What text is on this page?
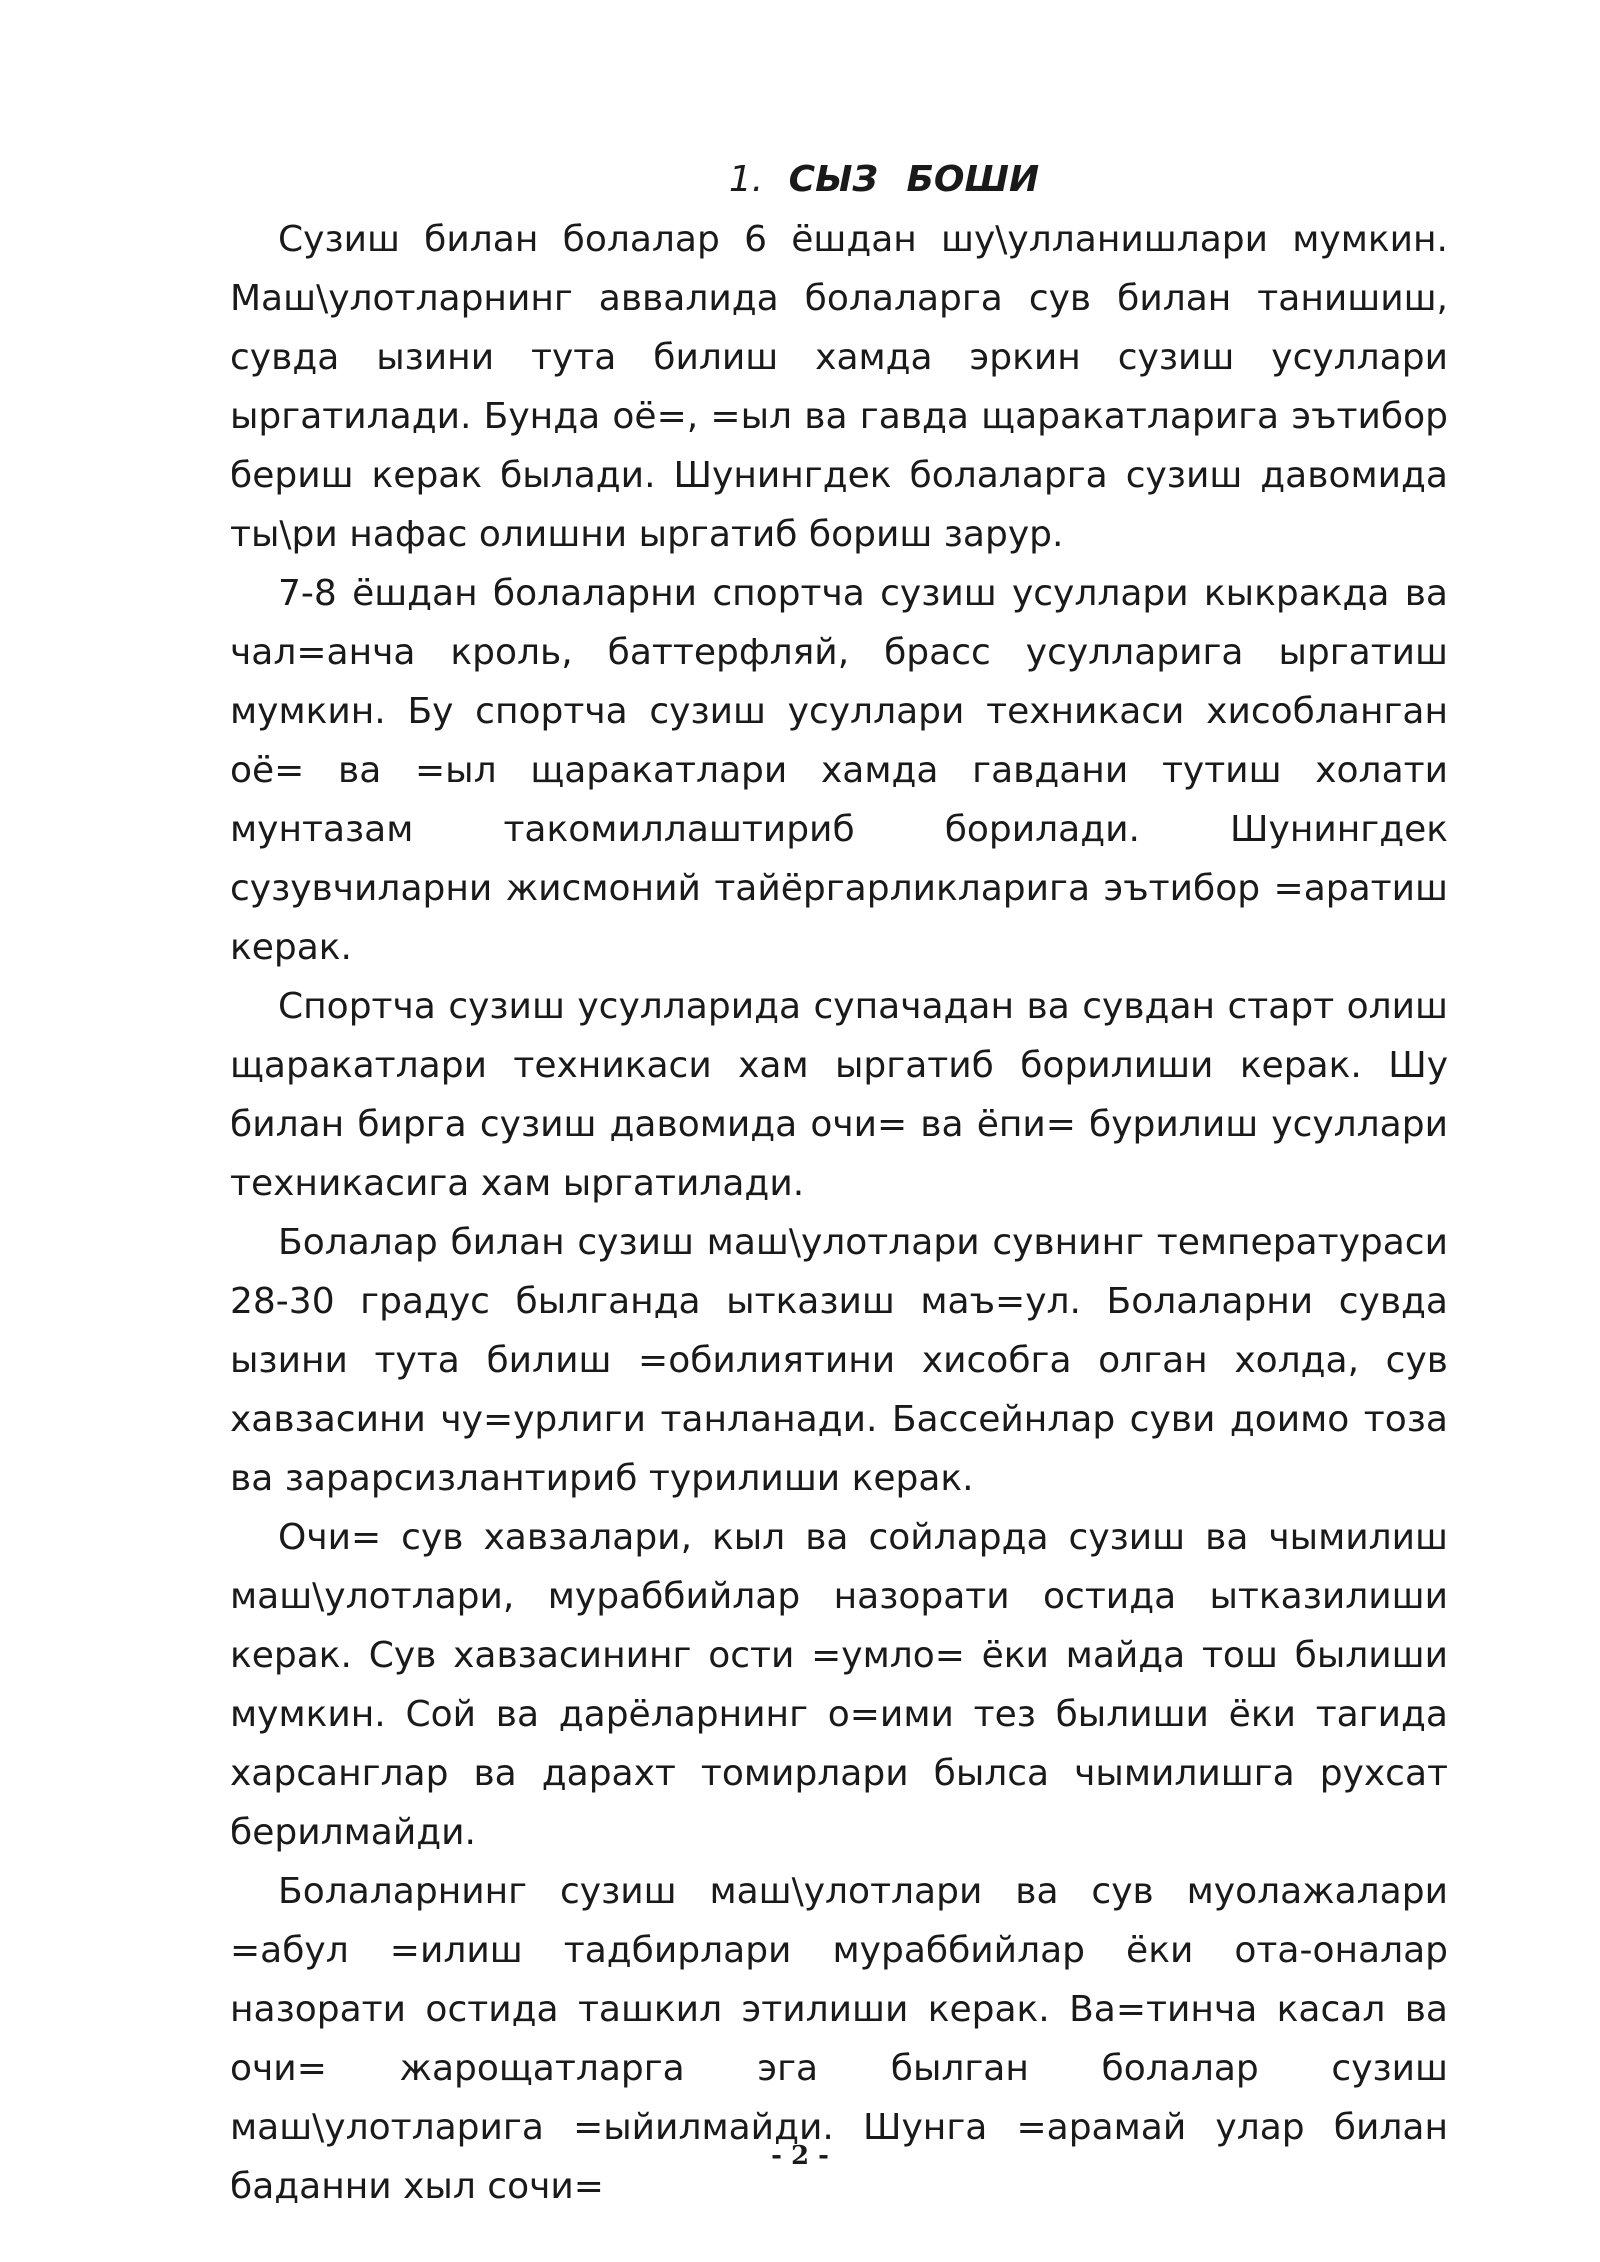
1. СЫЗ БОШИ

Сузиш билан болалар 6 ёшдан шу\улланишлари мумкин. Маш\улотларнинг аввалида болаларга сув билан танишиш, сувда ызини тута билиш хамда эркин сузиш усуллари ыргатилади. Бунда оё=, =ыл ва гавда щаракатларига эътибор бериш керак былади. Шунингдек болаларга сузиш давомида ты\ри нафас олишни ыргатиб бориш зарур.

7-8 ёшдан болаларни спортча сузиш усуллари кыкракда ва чал=анча кроль, баттерфляй, брасс усулларига ыргатиш мумкин. Бу спортча сузиш усуллари техникаси хисобланган оё= ва =ыл щаракатлари хамда гавдани тутиш холати мунтазам такомиллаштириб борилади. Шунингдек сузувчиларни жисмоний тайёргарликларига эътибор =аратиш керак.

Спортча сузиш усулларида супачадан ва сувдан старт олиш щаракатлари техникаси хам ыргатиб борилиши керак. Шу билан бирга сузиш давомида очи= ва ёпи= бурилиш усуллари техникасига хам ыргатилади.

Болалар билан сузиш маш\улотлари сувнинг температураси 28-30 градус былганда ытказиш маъ=ул. Болаларни сувда ызини тута билиш =обилиятини хисобга олган холда, сув хавзасини чу=урлиги танланади. Бассейнлар суви доимо тоза ва зарарсизлантириб турилиши керак.

Очи= сув хавзалари, кыл ва сойларда сузиш ва чымилиш маш\улотлари, мураббийлар назорати остида ытказилиши керак. Сув хавзасининг ости =умло= ёки майда тош былиши мумкин. Сой ва дарёларнинг о=ими тез былиши ёки тагида харсанглар ва дарахт томирлари былса чымилишга рухсат берилмайди.

Болаларнинг сузиш маш\улотлари ва сув муолажалари =абул =илиш тадбирлари мураббийлар ёки ота-оналар назорати остида ташкил этилиши керак. Ва=тинча касал ва очи= жарощатларга эга былган болалар сузиш маш\улотларига =ыйилмайди. Шунга =арамай улар билан баданни хыл сочи=

- 2 -
